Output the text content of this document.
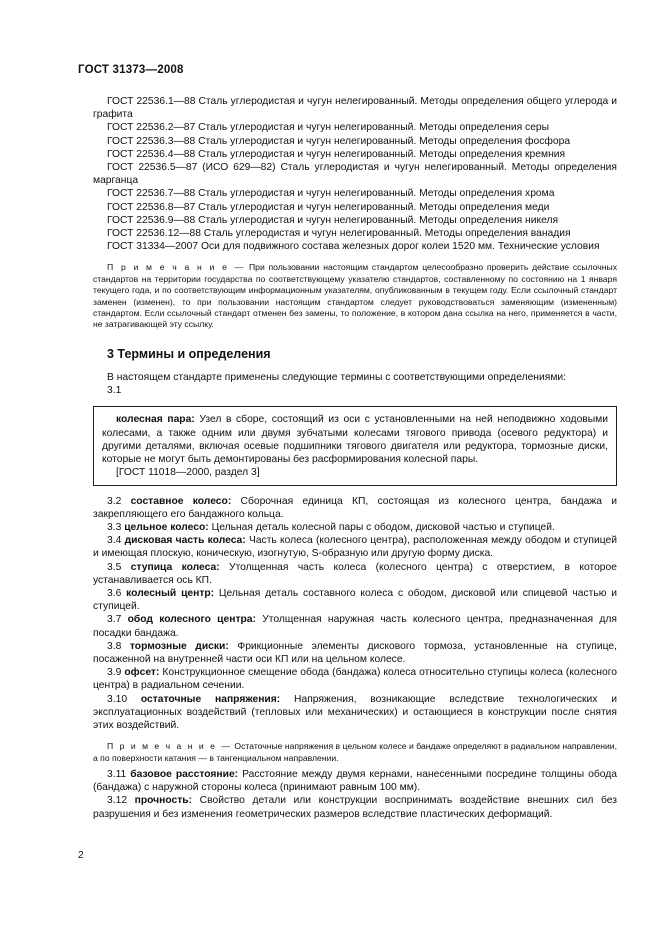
ГОСТ 31373—2008

ГОСТ 22536.1—88 Сталь углеродистая и чугун нелегированный. Методы определения общего углерода и графита

ГОСТ 22536.2—87 Сталь углеродистая и чугун нелегированный. Методы определения серы

ГОСТ 22536.3—88 Сталь углеродистая и чугун нелегированный. Методы определения фосфора

ГОСТ 22536.4—88 Сталь углеродистая и чугун нелегированный. Методы определения кремния

ГОСТ 22536.5—87 (ИСО 629—82) Сталь углеродистая и чугун нелегированный. Методы определения марганца

ГОСТ 22536.7—88 Сталь углеродистая и чугун нелегированный. Методы определения хрома

ГОСТ 22536.8—87 Сталь углеродистая и чугун нелегированный. Методы определения меди

ГОСТ 22536.9—88 Сталь углеродистая и чугун нелегированный. Методы определения никеля

ГОСТ 22536.12—88 Сталь углеродистая и чугун нелегированный. Методы определения ванадия

ГОСТ 31334—2007 Оси для подвижного состава железных дорог колеи 1520 мм. Технические условия

П р и м е ч а н и е — При пользовании настоящим стандартом целесообразно проверить действие ссылочных стандартов на территории государства по соответствующему указателю стандартов, составленному по состоянию на 1 января текущего года, и по соответствующим информационным указателям, опубликованным в текущем году. Если ссылочный стандарт заменен (изменен), то при пользовании настоящим стандартом следует руководствоваться заменяющим (измененным) стандартом. Если ссылочный стандарт отменен без замены, то положение, в котором дана ссылка на него, применяется в части, не затрагивающей эту ссылку.

3 Термины и определения

В настоящем стандарте применены следующие термины с соответствующими определениями:

3.1

колесная пара: Узел в сборе, состоящий из оси с установленными на ней неподвижно ходовыми колесами, а также одним или двумя зубчатыми колесами тягового привода (осевого редуктора) и другими деталями, включая осевые подшипники тягового двигателя или редуктора, тормозные диски, которые не могут быть демонтированы без расформирования колесной пары.

[ГОСТ 11018—2000, раздел 3]

3.2 составное колесо: Сборочная единица КП, состоящая из колесного центра, бандажа и закрепляющего его бандажного кольца.

3.3 цельное колесо: Цельная деталь колесной пары с ободом, дисковой частью и ступицей.

3.4 дисковая часть колеса: Часть колеса (колесного центра), расположенная между ободом и ступицей и имеющая плоскую, коническую, изогнутую, S-образную или другую форму диска.

3.5 ступица колеса: Утолщенная часть колеса (колесного центра) с отверстием, в которое устанавливается ось КП.

3.6 колесный центр: Цельная деталь составного колеса с ободом, дисковой или спицевой частью и ступицей.

3.7 обод колесного центра: Утолщенная наружная часть колесного центра, предназначенная для посадки бандажа.

3.8 тормозные диски: Фрикционные элементы дискового тормоза, установленные на ступице, посаженной на внутренней части оси КП или на цельном колесе.

3.9 офсет: Конструкционное смещение обода (бандажа) колеса относительно ступицы колеса (колесного центра) в радиальном сечении.

3.10 остаточные напряжения: Напряжения, возникающие вследствие технологических и эксплуатационных воздействий (тепловых или механических) и остающиеся в конструкции после снятия этих воздействий.

П р и м е ч а н и е — Остаточные напряжения в цельном колесе и бандаже определяют в радиальном направлении, а по поверхности катания — в тангенциальном направлении.

3.11 базовое расстояние: Расстояние между двумя кернами, нанесенными посредине толщины обода (бандажа) с наружной стороны колеса (принимают равным 100 мм).

3.12 прочность: Свойство детали или конструкции воспринимать воздействие внешних сил без разрушения и без изменения геометрических размеров вследствие пластических деформаций.

2
